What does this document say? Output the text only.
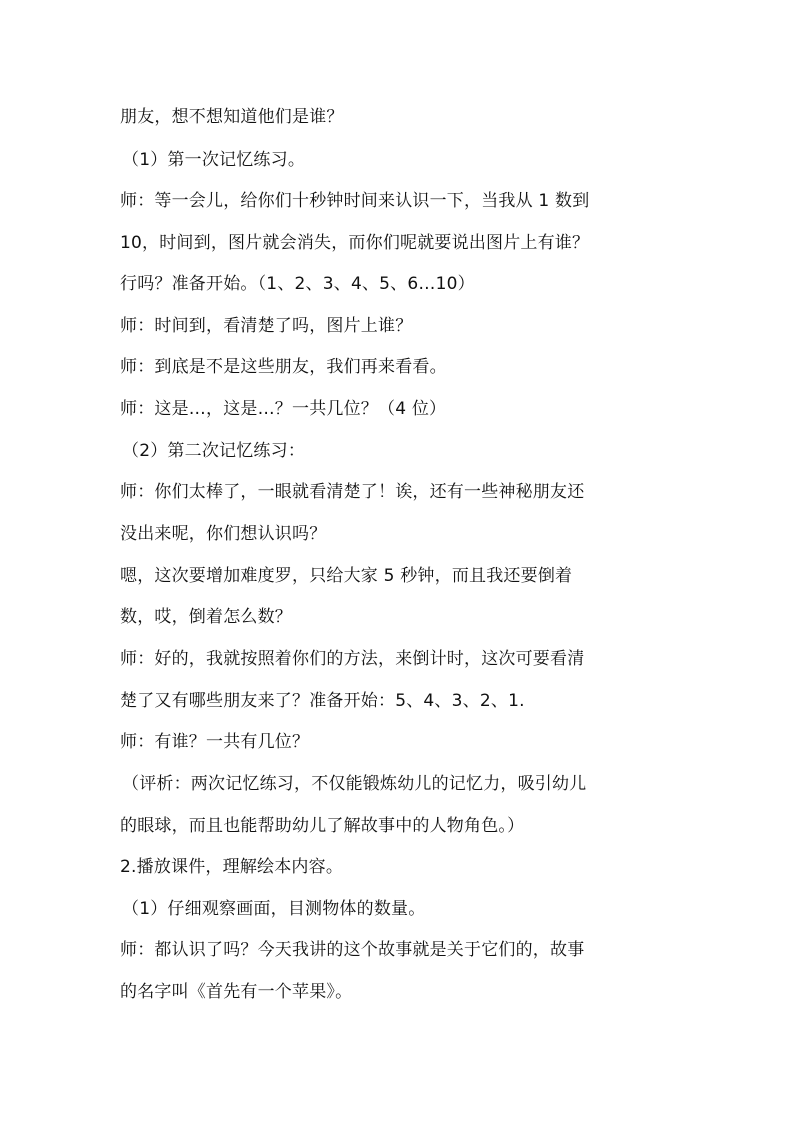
朋友，想不想知道他们是谁？
（1）第一次记忆练习。
师：等一会儿，给你们十秒钟时间来认识一下，当我从 1 数到
10，时间到，图片就会消失，而你们呢就要说出图片上有谁？
行吗？准备开始。（1、2、3、4、5、6…10）
师：时间到，看清楚了吗，图片上谁？
师：到底是不是这些朋友，我们再来看看。
师：这是…，这是…？一共几位？（4 位）
（2）第二次记忆练习：
师：你们太棒了，一眼就看清楚了！诶，还有一些神秘朋友还
没出来呢，你们想认识吗？
嗯，这次要增加难度罗，只给大家 5 秒钟，而且我还要倒着
数，哎，倒着怎么数？
师：好的，我就按照着你们的方法，来倒计时，这次可要看清
楚了又有哪些朋友来了？准备开始：5、4、3、2、1.
师：有谁？一共有几位？
（评析：两次记忆练习，不仅能锻炼幼儿的记忆力，吸引幼儿
的眼球，而且也能帮助幼儿了解故事中的人物角色。）
2.播放课件，理解绘本内容。
（1）仔细观察画面，目测物体的数量。
师：都认识了吗？今天我讲的这个故事就是关于它们的，故事
的名字叫《首先有一个苹果》。
